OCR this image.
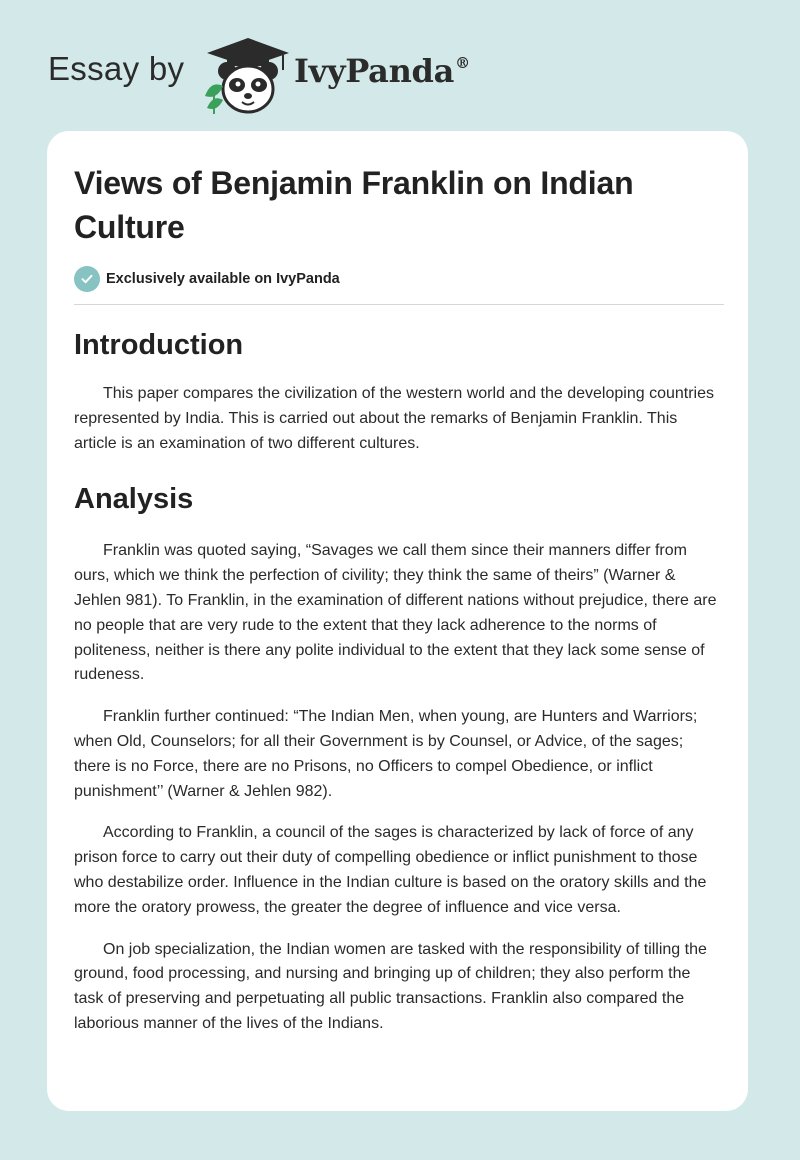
Essay by	IvyPanda®
Views of Benjamin Franklin on Indian Culture
Exclusively available on IvyPanda
Introduction

This paper compares the civilization of the western world and the developing countries represented by India. This is carried out about the remarks of Benjamin Franklin. This article is an examination of two different cultures.

Analysis

Franklin was quoted saying, “Savages we call them since their manners differ from ours, which we think the perfection of civility; they think the same of theirs” (Warner & Jehlen 981). To Franklin, in the examination of different nations without prejudice, there are no people that are very rude to the extent that they lack adherence to the norms of politeness, neither is there any polite individual to the extent that they lack some sense of rudeness.

Franklin further continued: “The Indian Men, when young, are Hunters and Warriors; when Old, Counselors; for all their Government is by Counsel, or Advice, of the sages; there is no Force, there are no Prisons, no Officers to compel Obedience, or inflict punishment’’ (Warner & Jehlen 982).

According to Franklin, a council of the sages is characterized by lack of force of any prison force to carry out their duty of compelling obedience or inflict punishment to those who destabilize order. Influence in the Indian culture is based on the oratory skills and the more the oratory prowess, the greater the degree of influence and vice versa.

On job specialization, the Indian women are tasked with the responsibility of tilling the ground, food processing, and nursing and bringing up of children; they also perform the task of preserving and perpetuating all public transactions. Franklin also compared the laborious manner of the lives of the Indians.
